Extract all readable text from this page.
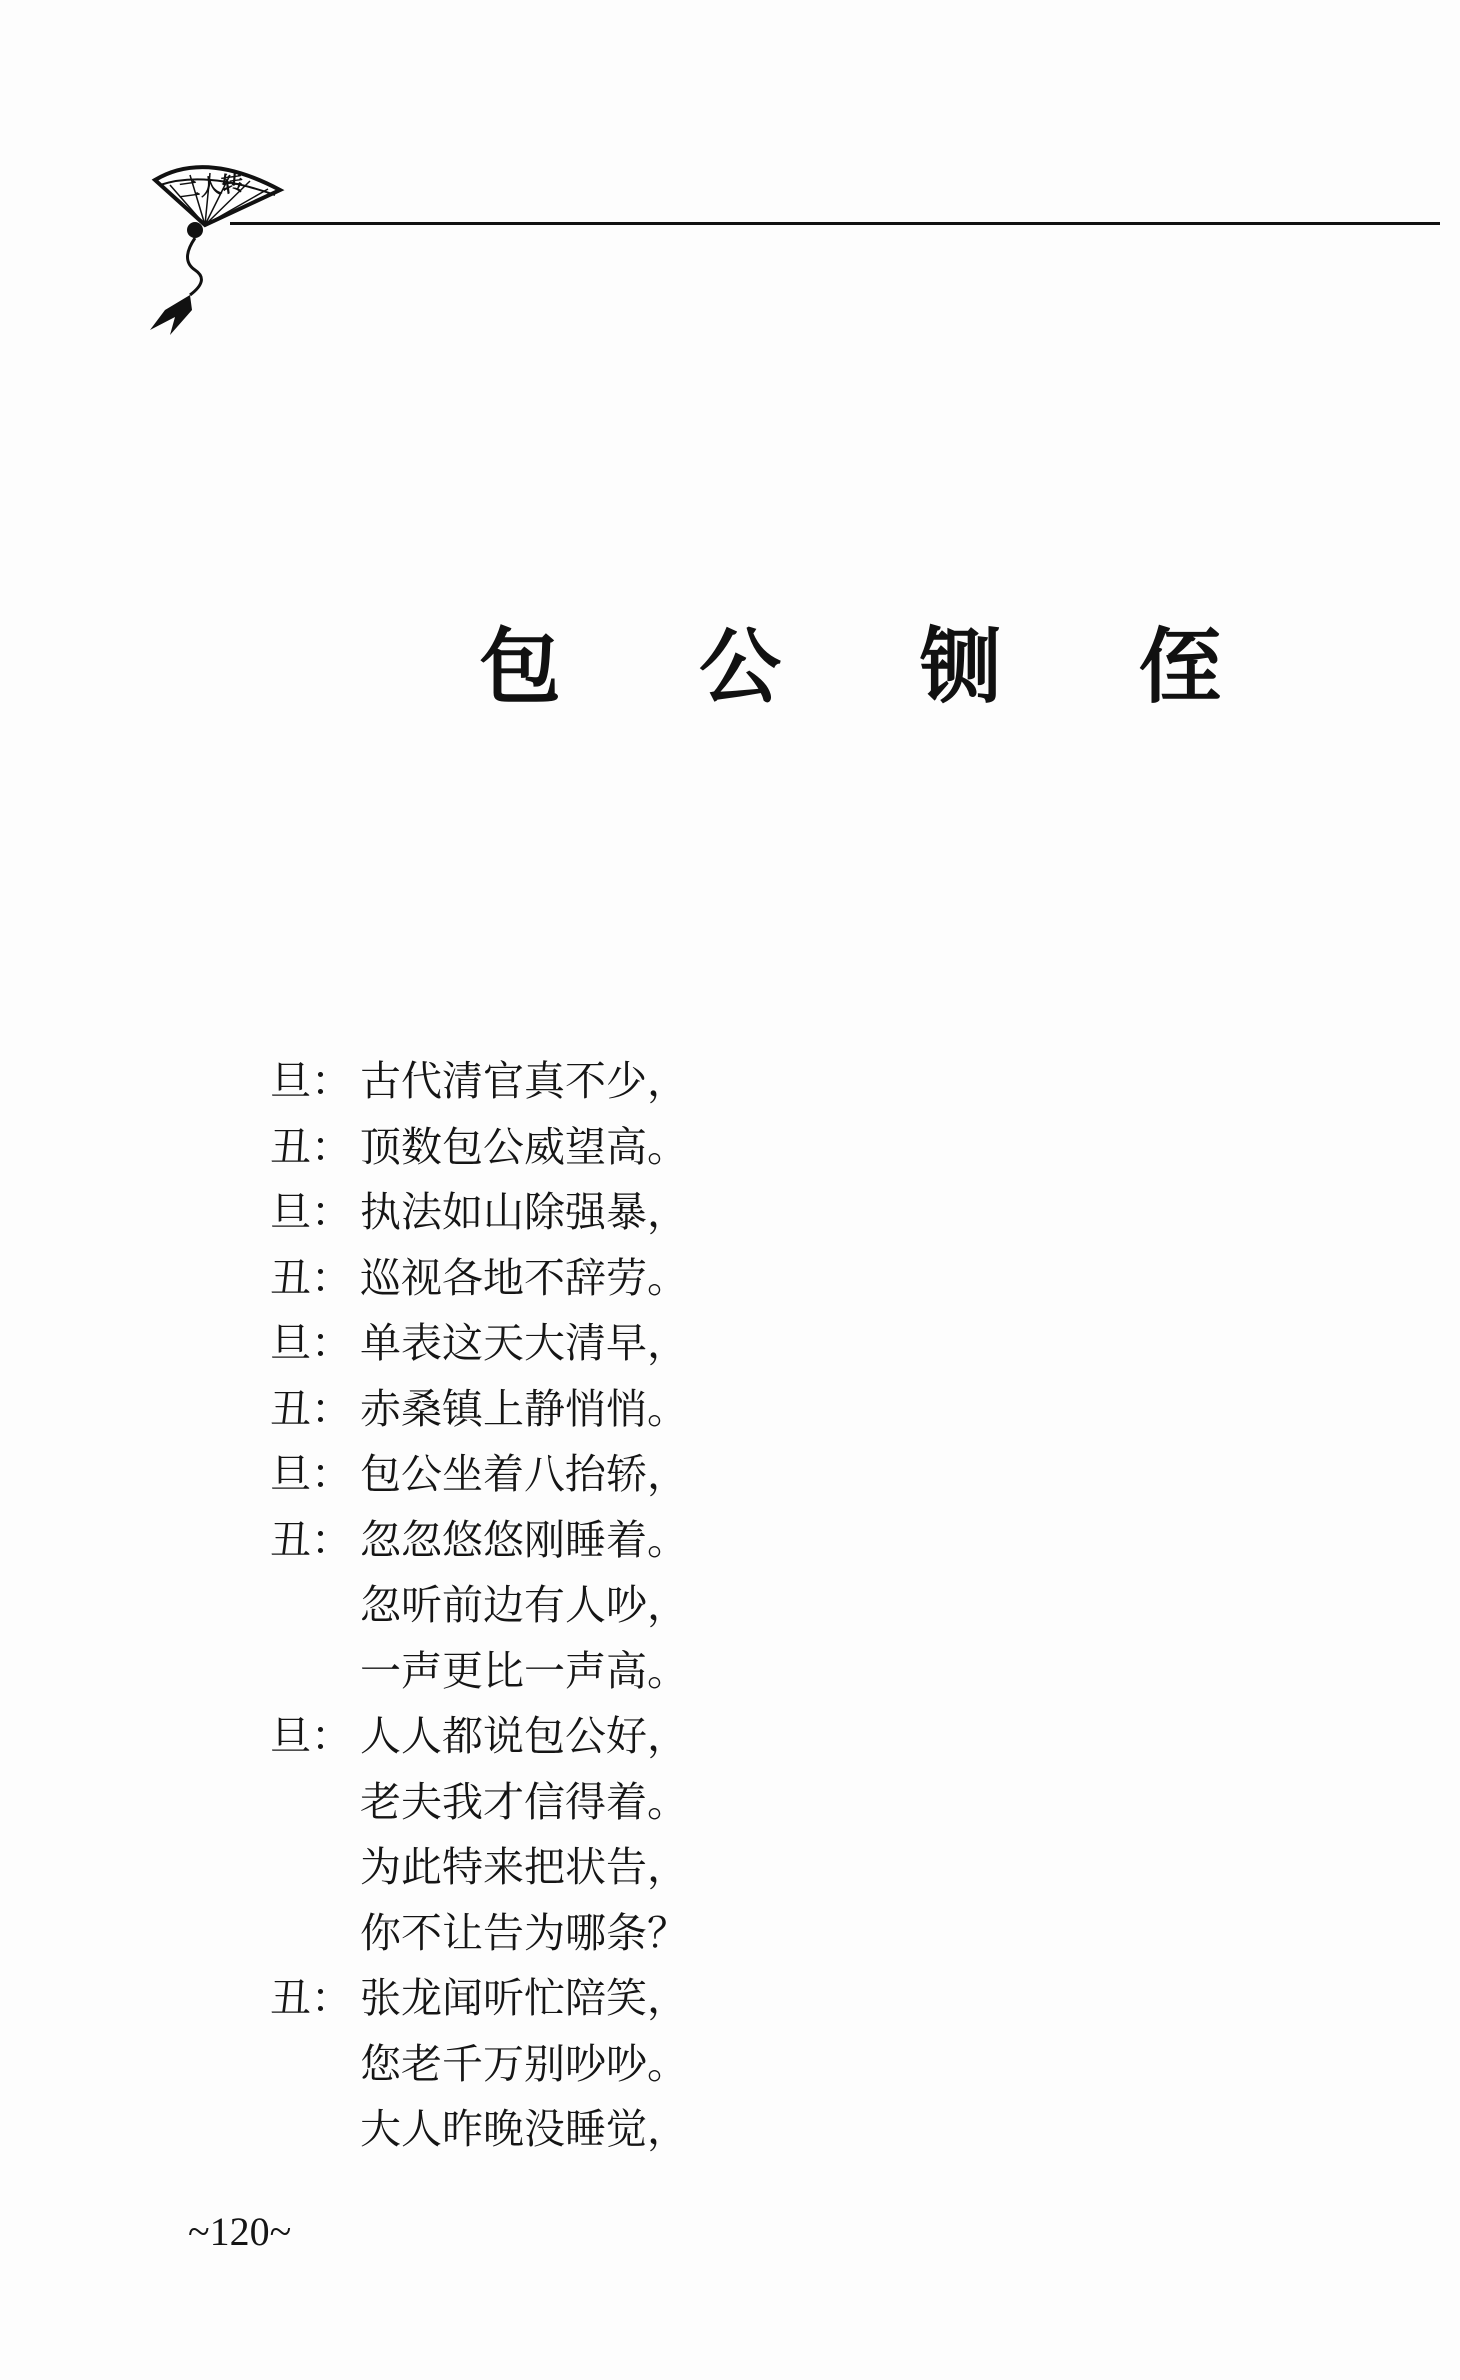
二人转
包 公 铡 侄
旦： 古代清官真不少，
丑： 顶数包公威望高。
旦： 执法如山除强暴，
丑： 巡视各地不辞劳。
旦： 单表这天大清早，
丑： 赤桑镇上静悄悄。
旦： 包公坐着八抬轿，
丑： 忽忽悠悠刚睡着。
忽听前边有人吵，
一声更比一声高。
旦： 人人都说包公好，
老夫我才信得着。
为此特来把状告，
你不让告为哪条？
丑： 张龙闻听忙陪笑，
您老千万别吵吵。
大人昨晚没睡觉，
~120~
